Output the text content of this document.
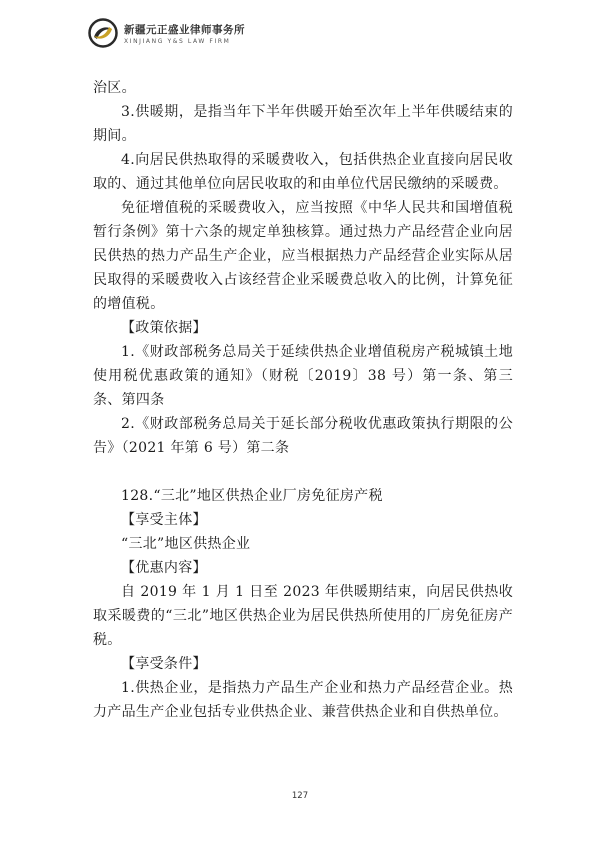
新疆元正盛业律师事务所
XINJIANG Y&S LAW FIRM

治区。

3.供暖期，是指当年下半年供暖开始至次年上半年供暖结束的期间。

4.向居民供热取得的采暖费收入，包括供热企业直接向居民收取的、通过其他单位向居民收取的和由单位代居民缴纳的采暖费。

免征增值税的采暖费收入，应当按照《中华人民共和国增值税暂行条例》第十六条的规定单独核算。通过热力产品经营企业向居民供热的热力产品生产企业，应当根据热力产品经营企业实际从居民取得的采暖费收入占该经营企业采暖费总收入的比例，计算免征的增值税。

【政策依据】

1.《财政部税务总局关于延续供热企业增值税房产税城镇土地使用税优惠政策的通知》（财税〔2019〕38 号）第一条、第三条、第四条

2.《财政部税务总局关于延长部分税收优惠政策执行期限的公告》（2021 年第 6 号）第二条

128.“三北”地区供热企业厂房免征房产税

【享受主体】

“三北”地区供热企业

【优惠内容】

自 2019 年 1 月 1 日至 2023 年供暖期结束，向居民供热收取采暖费的“三北”地区供热企业为居民供热所使用的厂房免征房产税。

【享受条件】

1.供热企业，是指热力产品生产企业和热力产品经营企业。热力产品生产企业包括专业供热企业、兼营供热企业和自供热单位。

127
